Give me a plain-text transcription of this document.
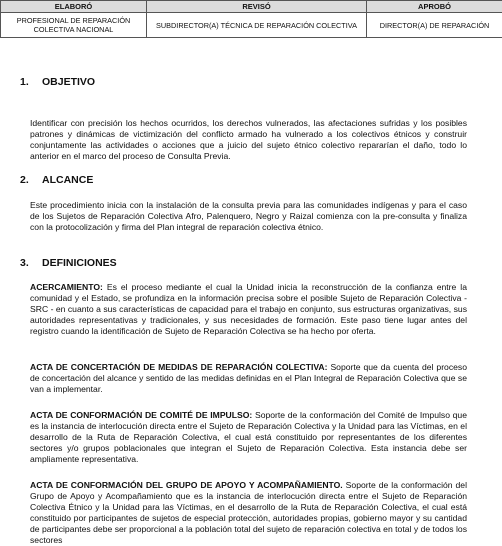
ELABORÓ	REVISÓ	APROBÓ
PROFESIONAL DE REPARACIÓN COLECTIVA NACIONAL	SUBDIRECTOR(A) TÉCNICA DE REPARACIÓN COLECTIVA	DIRECTOR(A) DE REPARACIÓN
1. OBJETIVO

Identificar con precisión los hechos ocurridos, los derechos vulnerados, las afectaciones sufridas y los posibles patrones y dinámicas de victimización del conflicto armado ha vulnerado a los colectivos étnicos y construir conjuntamente las actividades o acciones que a juicio del sujeto étnico colectivo repararían el daño, todo lo anterior en el marco del proceso de Consulta Previa.

2. ALCANCE

Este procedimiento inicia con la instalación de la consulta previa para las comunidades indígenas y para el caso de los Sujetos de Reparación Colectiva Afro, Palenquero, Negro y Raizal comienza con la pre-consulta y finaliza con la protocolización y firma del Plan integral de reparación colectiva étnico.

3. DEFINICIONES

ACERCAMIENTO: Es el proceso mediante el cual la Unidad inicia la reconstrucción de la confianza entre la comunidad y el Estado, se profundiza en la información precisa sobre el posible Sujeto de Reparación Colectiva - SRC - en cuanto a sus características de capacidad para el trabajo en conjunto, sus estructuras organizativas, sus autoridades representativas y tradicionales, y sus necesidades de formación. Este paso tiene lugar antes del registro cuando la identificación de Sujeto de Reparación Colectiva se ha hecho por oferta.

ACTA DE CONCERTACIÓN DE MEDIDAS DE REPARACIÓN COLECTIVA: Soporte que da cuenta del proceso de concertación del alcance y sentido de las medidas definidas en el Plan Integral de Reparación Colectiva que se van a implementar.

ACTA DE CONFORMACIÓN DE COMITÉ DE IMPULSO: Soporte de la conformación del Comité de Impulso que es la instancia de interlocución directa entre el Sujeto de Reparación Colectiva y la Unidad para las Víctimas, en el desarrollo de la Ruta de Reparación Colectiva, el cual está constituido por representantes de los diferentes sectores y/o grupos poblacionales que integran el Sujeto de Reparación Colectiva. Esta instancia debe ser ampliamente representativa.

ACTA DE CONFORMACIÓN DEL GRUPO DE APOYO Y ACOMPAÑAMIENTO. Soporte de la conformación del Grupo de Apoyo y Acompañamiento que es la instancia de interlocución directa entre el Sujeto de Reparación Colectiva Étnico y la Unidad para las Víctimas, en el desarrollo de la Ruta de Reparación Colectiva, el cual está constituido por participantes de sujetos de especial protección, autoridades propias, gobierno mayor y su cantidad de participantes debe ser proporcional a la población total del sujeto de reparación colectiva en total y de todos los sectores
